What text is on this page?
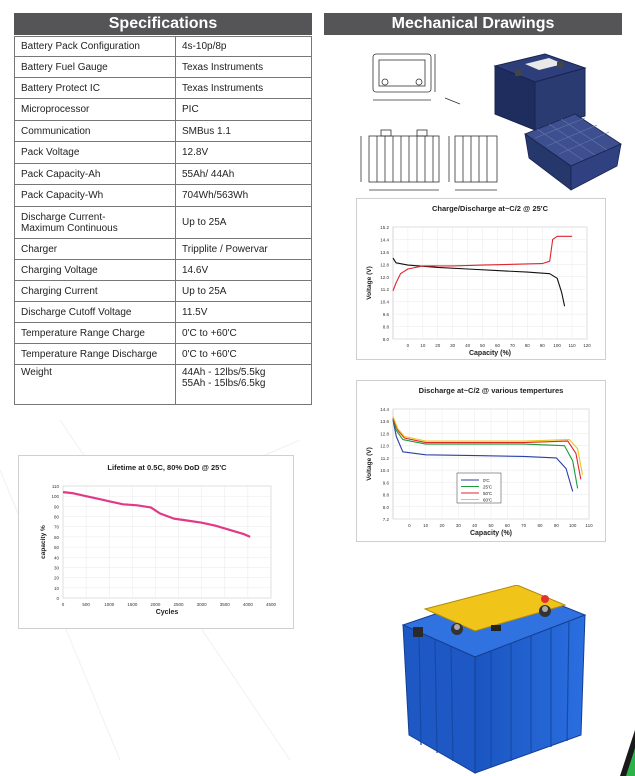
Specifications
Battery Pack Configuration	4s-10p/8p
Battery Fuel Gauge	Texas Instruments
Battery Protect IC	Texas Instruments
Microprocessor	PIC
Communication	SMBus 1.1
Pack Voltage	12.8V
Pack Capacity-Ah	55Ah/ 44Ah
Pack Capacity-Wh	704Wh/563Wh
Discharge Current-
Maximum Continuous	Up to 25A
Charger	Tripplite / Powervar
Charging Voltage	14.6V
Charging Current	Up to 25A
Discharge Cutoff Voltage	11.5V
Temperature Range Charge	0'C to +60'C
Temperature Range Discharge	0'C to +60'C
Weight	44Ah - 12lbs/5.5kg
55Ah - 15lbs/6.5kg
Mechanical Drawings
Charge/Discharge at~C/2 @ 25'C
8.0
8.8
9.6
10.4
11.2
12.0
12.8
13.6
14.4
15.2
0 10 20 30 40 50 60 70 80 90 100 110 120
Capacity (%)
Voltage (V)
Discharge at~C/2 @ various tempertures
7.2
8.0
8.8
9.6
10.4
11.2
12.0
12.8
13.6
14.4
0	10	20	30	40	50	60	70	80	90 100 110
Capacity (%)
Voltage (V)	0'C
25'C
50'C
60'C
Lifetime at 0.5C, 80% DoD @ 25'C
0
10
20
30
40
50
60
70
80
90
100
110
0	500	1000	1500	2000	2500	3000	3500	4000	4500
Cycles
capacity %
